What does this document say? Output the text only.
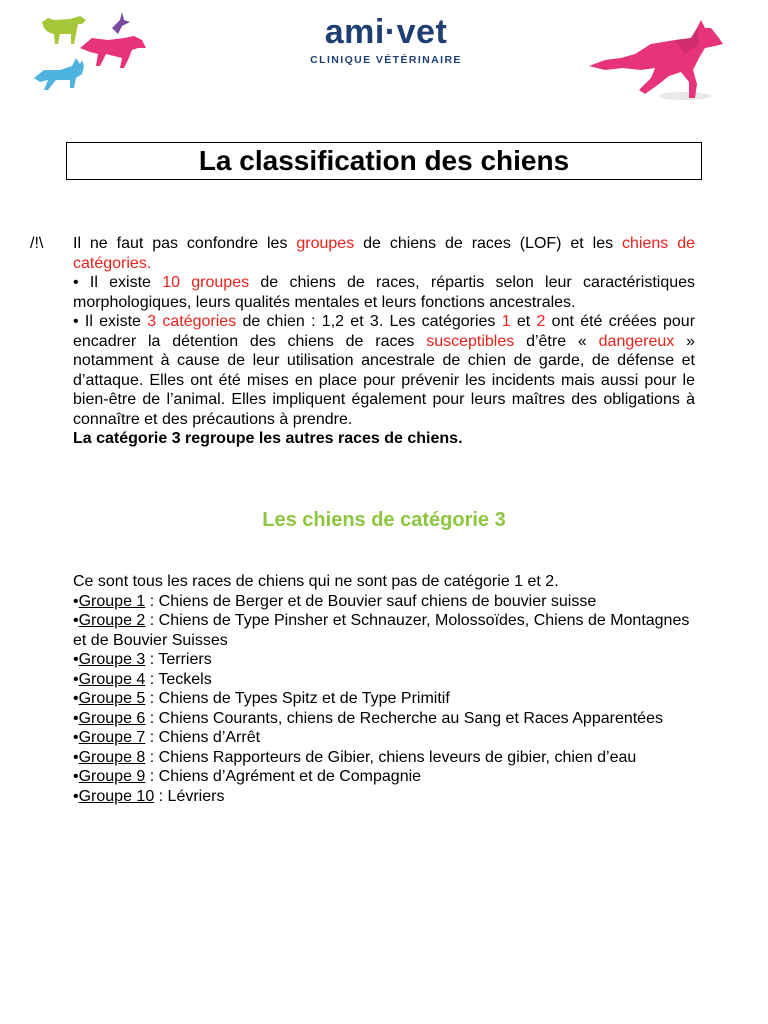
ami·vet
CLINIQUE VÉTÉRINAIRE
La classification des chiens
/!\ Il ne faut pas confondre les groupes de chiens de races (LOF) et les chiens de catégories.

• Il existe 10 groupes de chiens de races, répartis selon leur caractéristiques morphologiques, leurs qualités mentales et leurs fonctions ancestrales.

• Il existe 3 catégories de chien : 1,2 et 3. Les catégories 1 et 2 ont été créées pour encadrer la détention des chiens de races susceptibles d’être « dangereux » notamment à cause de leur utilisation ancestrale de chien de garde, de défense et d’attaque. Elles ont été mises en place pour prévenir les incidents mais aussi pour le bien-être de l’animal. Elles impliquent également pour leurs maîtres des obligations à connaître et des précautions à prendre.

La catégorie 3 regroupe les autres races de chiens.

Les chiens de catégorie 3

Ce sont tous les races de chiens qui ne sont pas de catégorie 1 et 2.

•Groupe 1 : Chiens de Berger et de Bouvier sauf chiens de bouvier suisse

•Groupe 2 : Chiens de Type Pinsher et Schnauzer, Molossoïdes, Chiens de Montagnes et de Bouvier Suisses

•Groupe 3 : Terriers

•Groupe 4 : Teckels

•Groupe 5 : Chiens de Types Spitz et de Type Primitif

•Groupe 6 : Chiens Courants, chiens de Recherche au Sang et Races Apparentées

•Groupe 7 : Chiens d’Arrêt

•Groupe 8 : Chiens Rapporteurs de Gibier, chiens leveurs de gibier, chien d’eau

•Groupe 9 : Chiens d’Agrément et de Compagnie

•Groupe 10 : Lévriers
